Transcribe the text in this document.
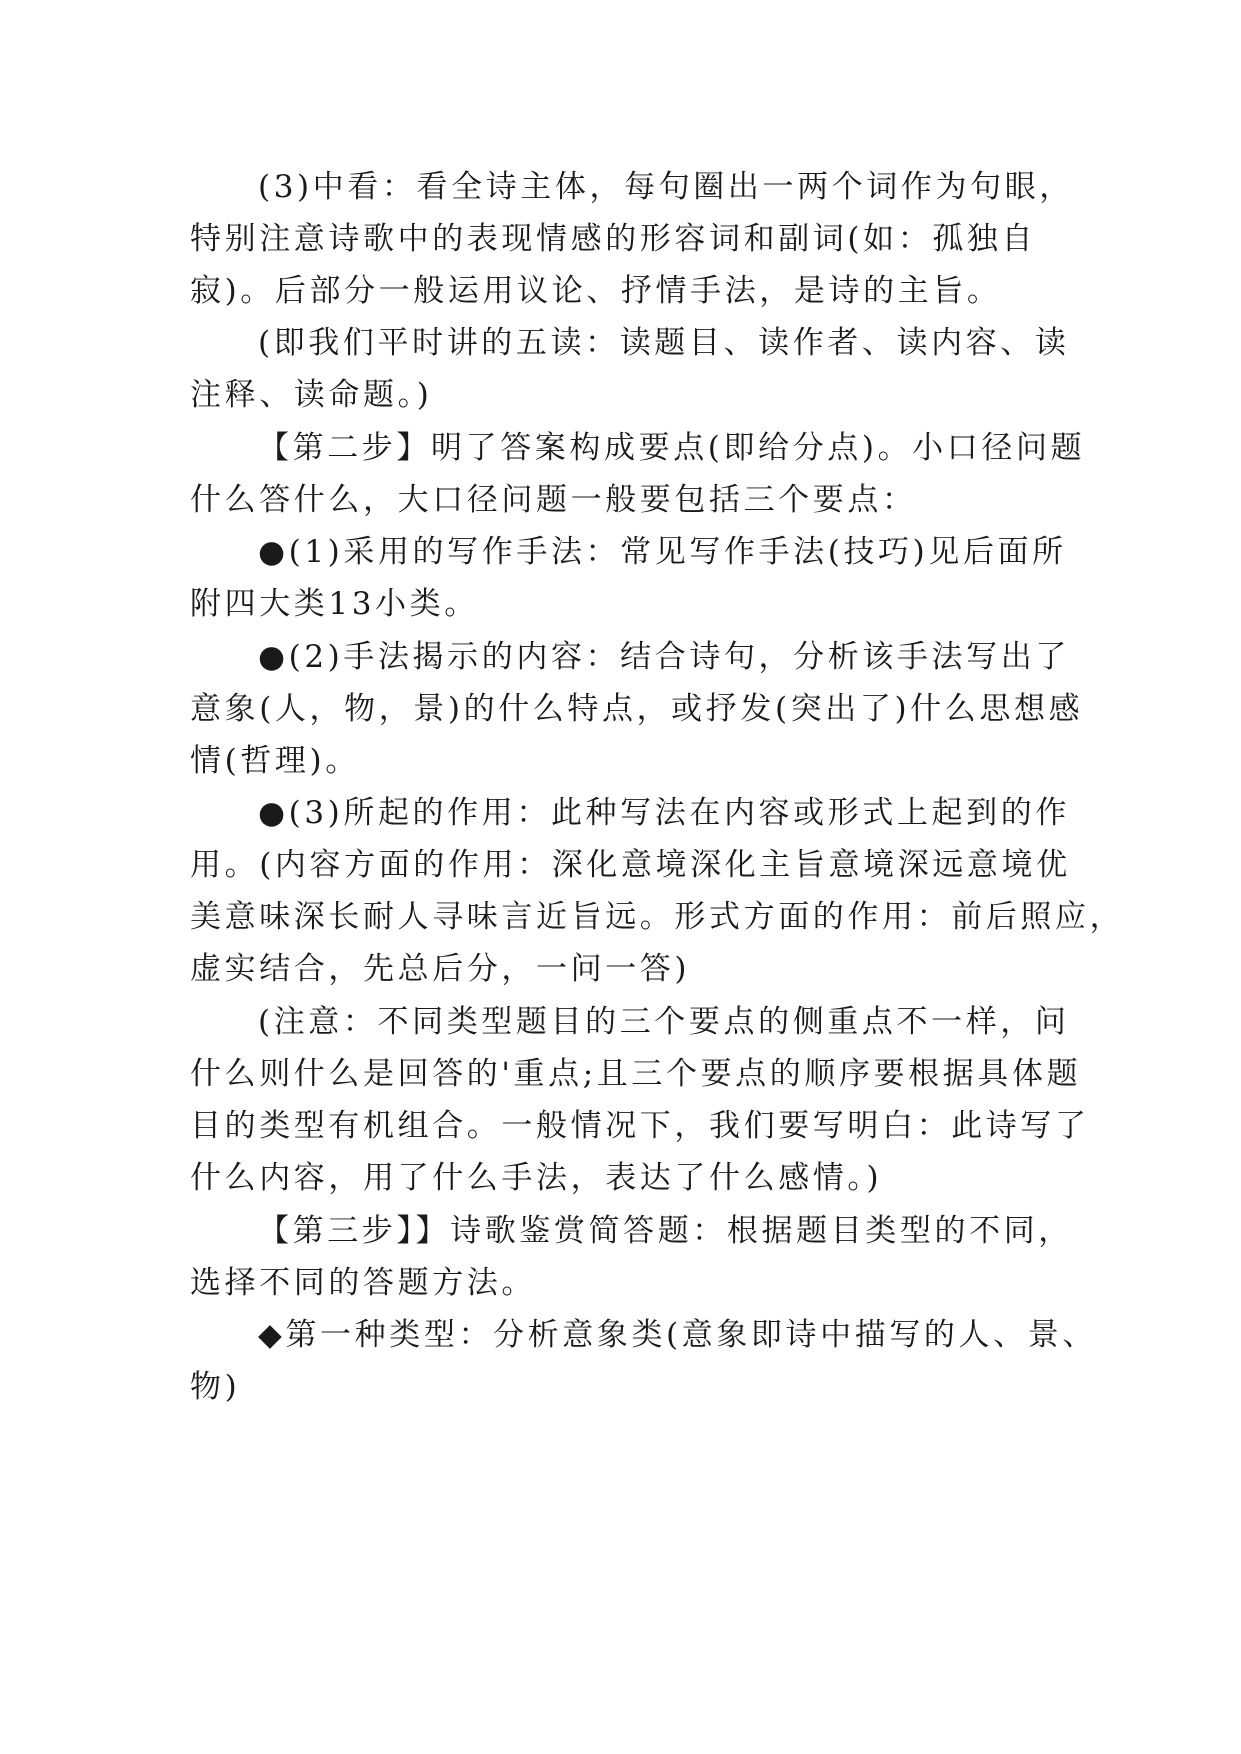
(3)中看：看全诗主体，每句圈出一两个词作为句眼，
特别注意诗歌中的表现情感的形容词和副词(如：孤独自
寂)。后部分一般运用议论、抒情手法，是诗的主旨。
(即我们平时讲的五读：读题目、读作者、读内容、读
注释、读命题。)
【第二步】明了答案构成要点(即给分点)。小口径问题
什么答什么，大口径问题一般要包括三个要点：
●(1)采用的写作手法：常见写作手法(技巧)见后面所
附四大类13小类。
●(2)手法揭示的内容：结合诗句，分析该手法写出了
意象(人，物，景)的什么特点，或抒发(突出了)什么思想感
情(哲理)。
●(3)所起的作用：此种写法在内容或形式上起到的作
用。(内容方面的作用：深化意境深化主旨意境深远意境优
美意味深长耐人寻味言近旨远。形式方面的作用：前后照应，
虚实结合，先总后分，一问一答)
(注意：不同类型题目的三个要点的侧重点不一样，问
什么则什么是回答的'重点;且三个要点的顺序要根据具体题
目的类型有机组合。一般情况下，我们要写明白：此诗写了
什么内容，用了什么手法，表达了什么感情。)
【第三步】】诗歌鉴赏简答题：根据题目类型的不同，
选择不同的答题方法。
◆第一种类型：分析意象类(意象即诗中描写的人、景、
物)
